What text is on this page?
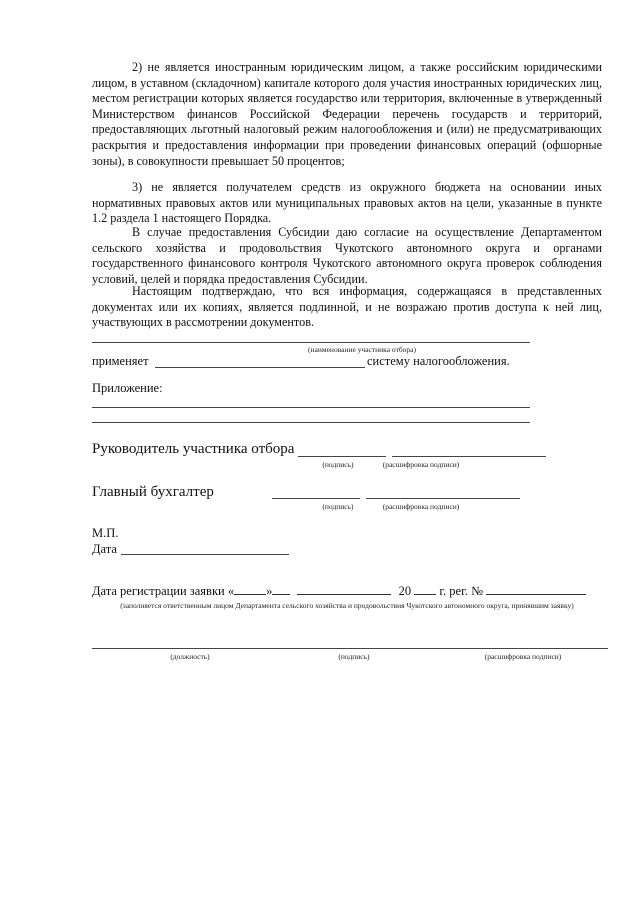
2) не является иностранным юридическим лицом, а также российским юридическими лицом, в уставном (складочном) капитале которого доля участия иностранных юридических лиц, местом регистрации которых является государство или территория, включенные в утвержденный Министерством финансов Российской Федерации перечень государств и территорий, предоставляющих льготный налоговый режим налогообложения и (или) не предусматривающих раскрытия и предоставления информации при проведении финансовых операций (офшорные зоны), в совокупности превышает 50 процентов;

3) не является получателем средств из окружного бюджета на основании иных нормативных правовых актов или муниципальных правовых актов на цели, указанные в пункте 1.2 раздела 1 настоящего Порядка.

В случае предоставления Субсидии даю согласие на осуществление Департаментом сельского хозяйства и продовольствия Чукотского автономного округа и органами государственного финансового контроля Чукотского автономного округа проверок соблюдения условий, целей и порядка предоставления Субсидии.

Настоящим подтверждаю, что вся информация, содержащаяся в представленных документах или их копиях, является подлинной, и не возражаю против доступа к ней лиц, участвующих в рассмотрении документов.

(наименование участника отбора)
применяет	систему налогообложения.
Приложение:
Руководитель участника отбора
(подпись)	(расшифровка подписи)
Главный бухгалтер
(подпись)	(расшифровка подписи)
М.П.
Дата
Дата регистрации заявки «	»	20 г. рег. №
(заполняется ответственным лицом Департамента сельского хозяйства и продовольствия Чукотского автономного округа, принявшим заявку)
(должность)	(подпись)	(расшифровка подписи)
